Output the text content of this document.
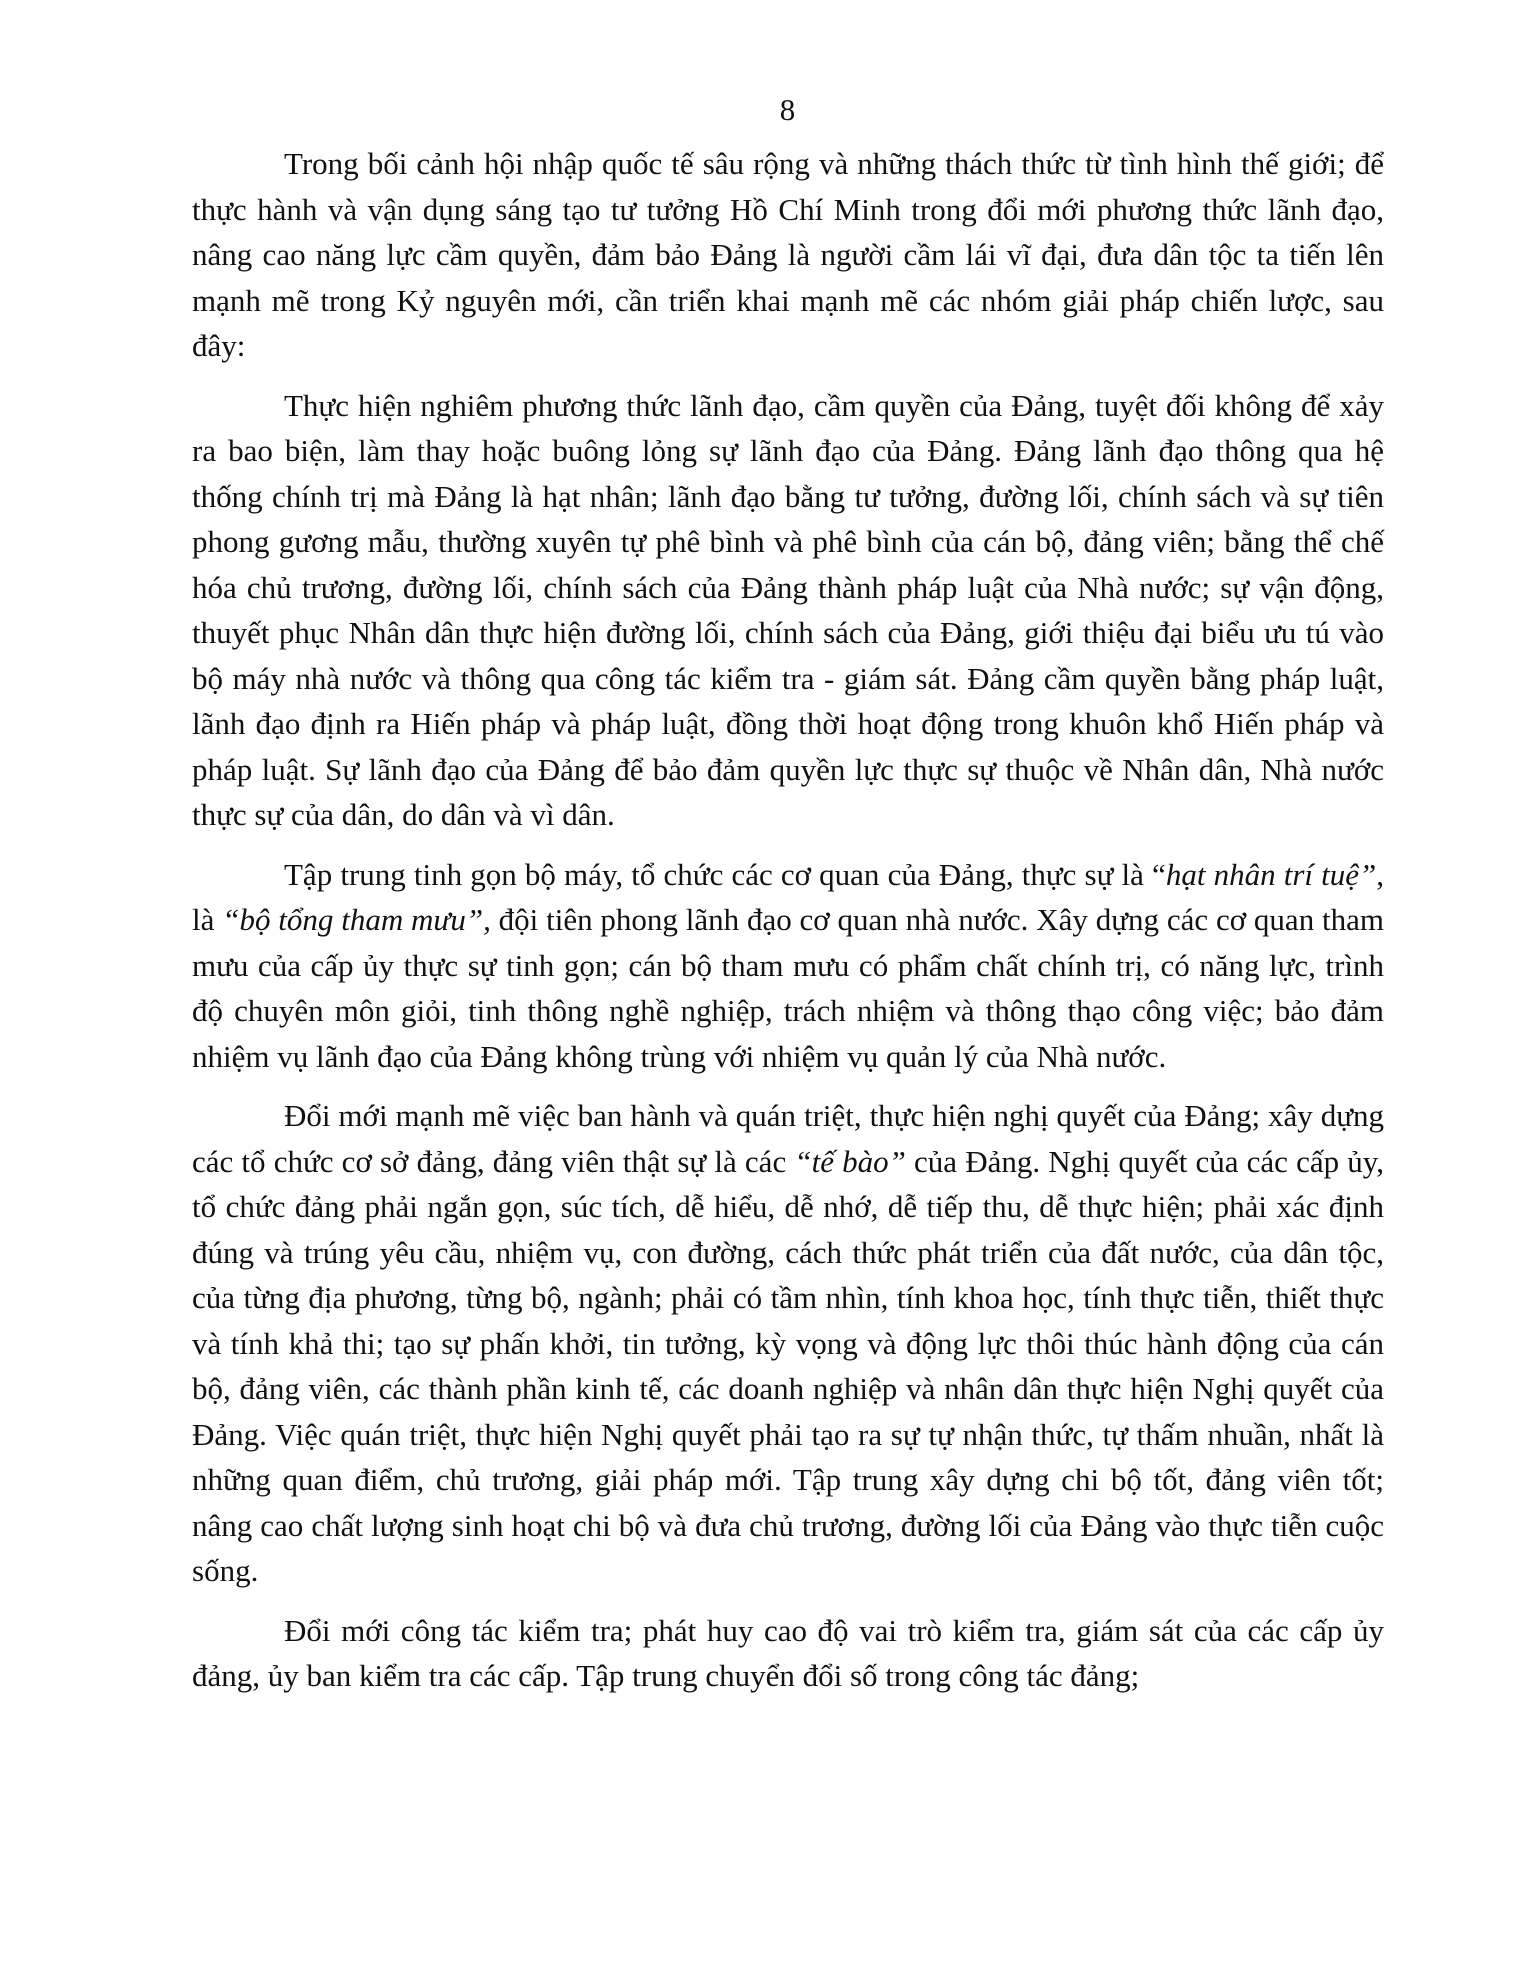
8

Trong bối cảnh hội nhập quốc tế sâu rộng và những thách thức từ tình hình thế giới; để thực hành và vận dụng sáng tạo tư tưởng Hồ Chí Minh trong đổi mới phương thức lãnh đạo, nâng cao năng lực cầm quyền, đảm bảo Đảng là người cầm lái vĩ đại, đưa dân tộc ta tiến lên mạnh mẽ trong Kỷ nguyên mới, cần triển khai mạnh mẽ các nhóm giải pháp chiến lược, sau đây:

Thực hiện nghiêm phương thức lãnh đạo, cầm quyền của Đảng, tuyệt đối không để xảy ra bao biện, làm thay hoặc buông lỏng sự lãnh đạo của Đảng. Đảng lãnh đạo thông qua hệ thống chính trị mà Đảng là hạt nhân; lãnh đạo bằng tư tưởng, đường lối, chính sách và sự tiên phong gương mẫu, thường xuyên tự phê bình và phê bình của cán bộ, đảng viên; bằng thể chế hóa chủ trương, đường lối, chính sách của Đảng thành pháp luật của Nhà nước; sự vận động, thuyết phục Nhân dân thực hiện đường lối, chính sách của Đảng, giới thiệu đại biểu ưu tú vào bộ máy nhà nước và thông qua công tác kiểm tra - giám sát. Đảng cầm quyền bằng pháp luật, lãnh đạo định ra Hiến pháp và pháp luật, đồng thời hoạt động trong khuôn khổ Hiến pháp và pháp luật. Sự lãnh đạo của Đảng để bảo đảm quyền lực thực sự thuộc về Nhân dân, Nhà nước thực sự của dân, do dân và vì dân.

Tập trung tinh gọn bộ máy, tổ chức các cơ quan của Đảng, thực sự là “hạt nhân trí tuệ”, là “bộ tổng tham mưu”, đội tiên phong lãnh đạo cơ quan nhà nước. Xây dựng các cơ quan tham mưu của cấp ủy thực sự tinh gọn; cán bộ tham mưu có phẩm chất chính trị, có năng lực, trình độ chuyên môn giỏi, tinh thông nghề nghiệp, trách nhiệm và thông thạo công việc; bảo đảm nhiệm vụ lãnh đạo của Đảng không trùng với nhiệm vụ quản lý của Nhà nước.

Đổi mới mạnh mẽ việc ban hành và quán triệt, thực hiện nghị quyết của Đảng; xây dựng các tổ chức cơ sở đảng, đảng viên thật sự là các “tế bào” của Đảng. Nghị quyết của các cấp ủy, tổ chức đảng phải ngắn gọn, súc tích, dễ hiểu, dễ nhớ, dễ tiếp thu, dễ thực hiện; phải xác định đúng và trúng yêu cầu, nhiệm vụ, con đường, cách thức phát triển của đất nước, của dân tộc, của từng địa phương, từng bộ, ngành; phải có tầm nhìn, tính khoa học, tính thực tiễn, thiết thực và tính khả thi; tạo sự phấn khởi, tin tưởng, kỳ vọng và động lực thôi thúc hành động của cán bộ, đảng viên, các thành phần kinh tế, các doanh nghiệp và nhân dân thực hiện Nghị quyết của Đảng. Việc quán triệt, thực hiện Nghị quyết phải tạo ra sự tự nhận thức, tự thấm nhuần, nhất là những quan điểm, chủ trương, giải pháp mới. Tập trung xây dựng chi bộ tốt, đảng viên tốt; nâng cao chất lượng sinh hoạt chi bộ và đưa chủ trương, đường lối của Đảng vào thực tiễn cuộc sống.

Đổi mới công tác kiểm tra; phát huy cao độ vai trò kiểm tra, giám sát của các cấp ủy đảng, ủy ban kiểm tra các cấp. Tập trung chuyển đổi số trong công tác đảng;
